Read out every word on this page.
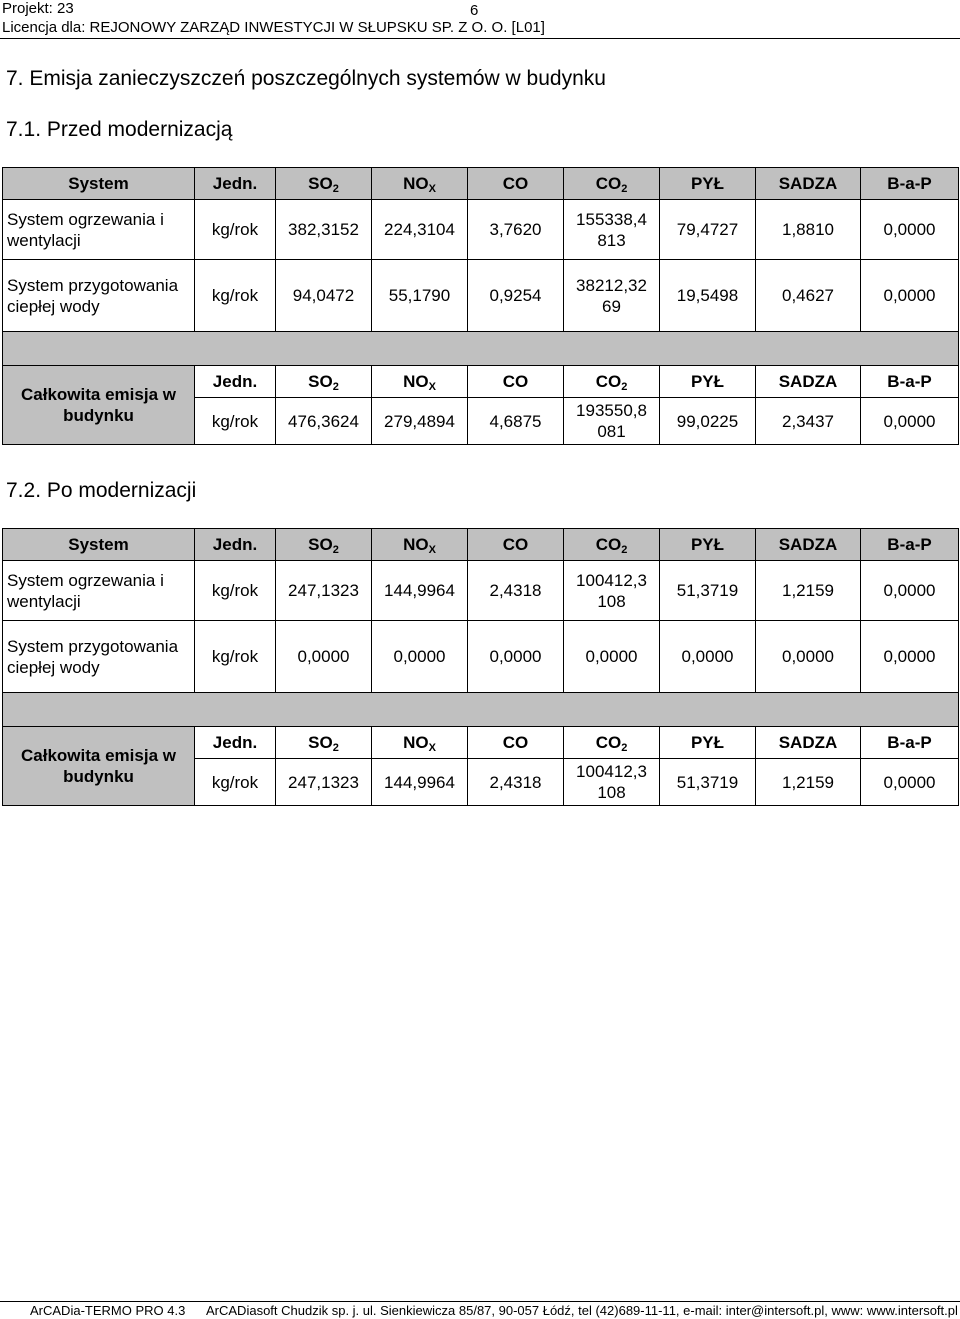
Projekt: 23	6
Licencja dla: REJONOWY ZARZĄD INWESTYCJI W SŁUPSKU SP. Z O. O. [L01]
7. Emisja zanieczyszczeń poszczególnych systemów w budynku
7.1. Przed modernizacją
System	Jedn.	$SO_2$	$NO_X$	CO	$CO_2$	PYŁ	SADZA	B-a-P
System ogrzewania i wentylacji	kg/rok	382,3152	224,3104	3,7620	155338,4 813	79,4727	1,8810	0,0000
System przygotowania ciepłej wody	kg/rok	94,0472	55,1790	0,9254	38212,32 69	19,5498	0,4627	0,0000

Całkowita emisja w budynku	Jedn.	$SO_2$	$NO_X$	CO	$CO_2$	PYŁ	SADZA	B-a-P
	kg/rok	476,3624	279,4894	4,6875	193550,8 081	99,0225	2,3437	0,0000
7.2. Po modernizacji
System	Jedn.	$SO_2$	$NO_X$	CO	$CO_2$	PYŁ	SADZA	B-a-P
System ogrzewania i wentylacji	kg/rok	247,1323	144,9964	2,4318	100412,3 108	51,3719	1,2159	0,0000
System przygotowania ciepłej wody	kg/rok	0,0000	0,0000	0,0000	0,0000	0,0000	0,0000	0,0000

Całkowita emisja w budynku	Jedn.	$SO_2$	$NO_X$	CO	$CO_2$	PYŁ	SADZA	B-a-P
	kg/rok	247,1323	144,9964	2,4318	100412,3 108	51,3719	1,2159	0,0000
ArCADia-TERMO PRO 4.3 ArCADiasoft Chudzik sp. j. ul. Sienkiewicza 85/87, 90-057 Łódź, tel (42)689-11-11, e-mail: inter@intersoft.pl, www: www.intersoft.pl
